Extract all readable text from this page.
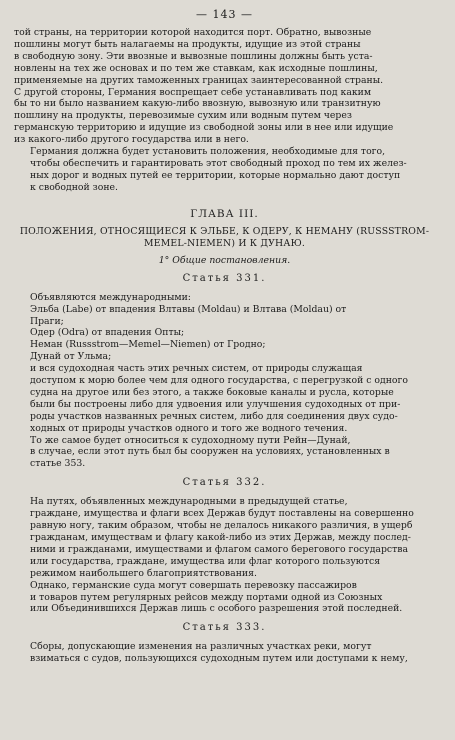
— 143 —

той страны, на территории которой находится порт. Обратно, вывозные
пошлины могут быть налагаемы на продукты, идущие из этой страны
в свободную зону. Эти ввозные и вывозные пошлины должны быть уста-
новлены на тех же основах и по тем же ставкам, как исходные пошлины,
применяемые на других таможенных границах заинтересованной страны.
С другой стороны, Германия воспрещает себе устанавливать под каким
бы то ни было названием какую-либо ввозную, вывозную или транзитную
пошлину на продукты, перевозимые сухим или водным путем через
германскую территорию и идущие из свободной зоны или в нее или идущие
из какого-либо другого государства или в него.

Германия должна будет установить положения, необходимые для того,
чтобы обеспечить и гарантировать этот свободный проход по тем их желез-
ных дорог и водных путей ее территории, которые нормально дают доступ
к свободной зоне.

ГЛАВА III.
ПОЛОЖЕНИЯ, ОТНОСЯЩИЕСЯ К ЭЛЬБЕ, К ОДЕРУ, К НЕМАНУ (RUSSSTROM-
MEMEL-NIEMEN) И К ДУНАЮ.
1° Общие постановления.
Статья 331.

Объявляются международными:
Эльба (Labe) от впадения Влтавы (Moldau) и Влтава (Moldau) от
Праги;
Одер (Odra) от впадения Опты;
Неман (Russstrom—Memel—Niemen) от Гродно;
Дунай от Ульма;

и вся судоходная часть этих речных систем, от природы служащая
доступом к морю более чем для одного государства, с перегрузкой с одного
судна на другое или без этого, а также боковые каналы и русла, которые
были бы построены либо для удвоения или улучшения судоходных от при-
роды участков названных речных систем, либо для соединения двух судо-
ходных от природы участков одного и того же водного течения.

То же самое будет относиться к судоходному пути Рейн—Дунай,
в случае, если этот путь был бы сооружен на условиях, установленных в
статье 353.

Статья 332.

На путях, объявленных международными в предыдущей статье,
граждане, имущества и флаги всех Держав будут поставлены на совершенно
равную ногу, таким образом, чтобы не делалось никакого различия, в ущерб
гражданам, имуществам и флагу какой-либо из этих Держав, между послед-
ними и гражданами, имуществами и флагом самого берегового государства
или государства, граждане, имущества или флаг которого пользуются
режимом наибольшего благоприятствования.

Однако, германские суда могут совершать перевозку пассажиров
и товаров путем регулярных рейсов между портами одной из Союзных
или Объединившихся Держав лишь с особого разрешения этой последней.

Статья 333.

Сборы, допускающие изменения на различных участках реки, могут
взиматься с судов, пользующихся судоходным путем или доступами к нему,
